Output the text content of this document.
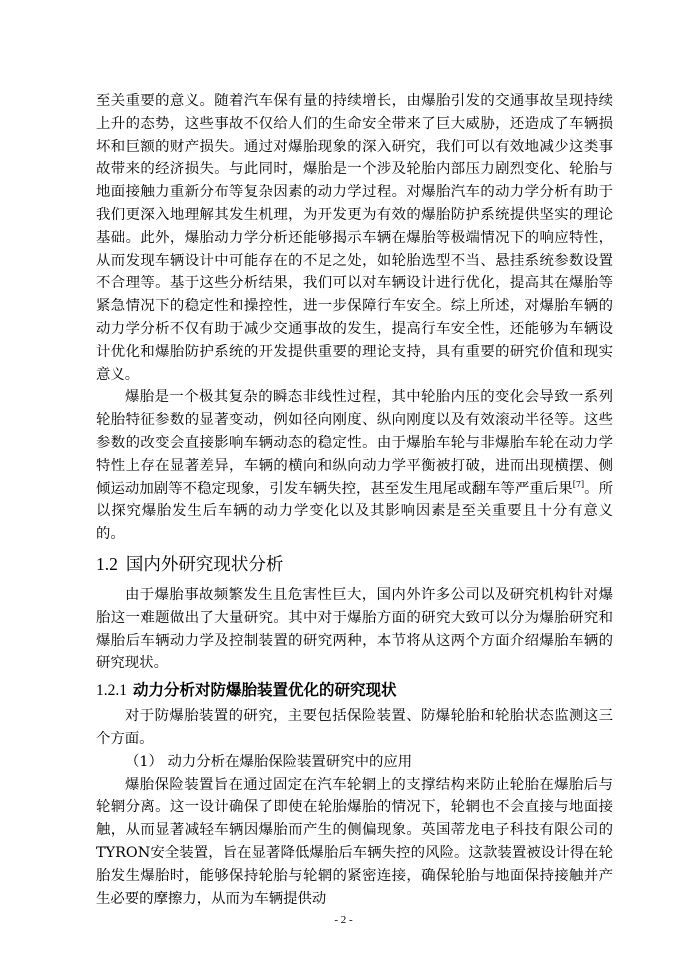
至关重要的意义。随着汽车保有量的持续增长，由爆胎引发的交通事故呈现持续上升的态势，这些事故不仅给人们的生命安全带来了巨大威胁，还造成了车辆损坏和巨额的财产损失。通过对爆胎现象的深入研究，我们可以有效地减少这类事故带来的经济损失。与此同时，爆胎是一个涉及轮胎内部压力剧烈变化、轮胎与地面接触力重新分布等复杂因素的动力学过程。对爆胎汽车的动力学分析有助于我们更深入地理解其发生机理，为开发更为有效的爆胎防护系统提供坚实的理论基础。此外，爆胎动力学分析还能够揭示车辆在爆胎等极端情况下的响应特性，从而发现车辆设计中可能存在的不足之处，如轮胎选型不当、悬挂系统参数设置不合理等。基于这些分析结果，我们可以对车辆设计进行优化，提高其在爆胎等紧急情况下的稳定性和操控性，进一步保障行车安全。综上所述，对爆胎车辆的动力学分析不仅有助于减少交通事故的发生，提高行车安全性，还能够为车辆设计优化和爆胎防护系统的开发提供重要的理论支持，具有重要的研究价值和现实意义。

爆胎是一个极其复杂的瞬态非线性过程，其中轮胎内压的变化会导致一系列轮胎特征参数的显著变动，例如径向刚度、纵向刚度以及有效滚动半径等。这些参数的改变会直接影响车辆动态的稳定性。由于爆胎车轮与非爆胎车轮在动力学特性上存在显著差异，车辆的横向和纵向动力学平衡被打破，进而出现横摆、侧倾运动加剧等不稳定现象，引发车辆失控，甚至发生甩尾或翻车等严重后果[7]。所以探究爆胎发生后车辆的动力学变化以及其影响因素是至关重要且十分有意义的。

1.2 国内外研究现状分析

由于爆胎事故频繁发生且危害性巨大，国内外许多公司以及研究机构针对爆胎这一难题做出了大量研究。其中对于爆胎方面的研究大致可以分为爆胎研究和爆胎后车辆动力学及控制装置的研究两种，本节将从这两个方面介绍爆胎车辆的研究现状。

1.2.1 动力分析对防爆胎装置优化的研究现状

对于防爆胎装置的研究，主要包括保险装置、防爆轮胎和轮胎状态监测这三个方面。

（1） 动力分析在爆胎保险装置研究中的应用

爆胎保险装置旨在通过固定在汽车轮辋上的支撑结构来防止轮胎在爆胎后与轮辋分离。这一设计确保了即使在轮胎爆胎的情况下，轮辋也不会直接与地面接触，从而显著减轻车辆因爆胎而产生的侧偏现象。英国蒂龙电子科技有限公司的TYRON安全装置，旨在显著降低爆胎后车辆失控的风险。这款装置被设计得在轮胎发生爆胎时，能够保持轮胎与轮辋的紧密连接，确保轮胎与地面保持接触并产生必要的摩擦力，从而为车辆提供动

- 2 -
